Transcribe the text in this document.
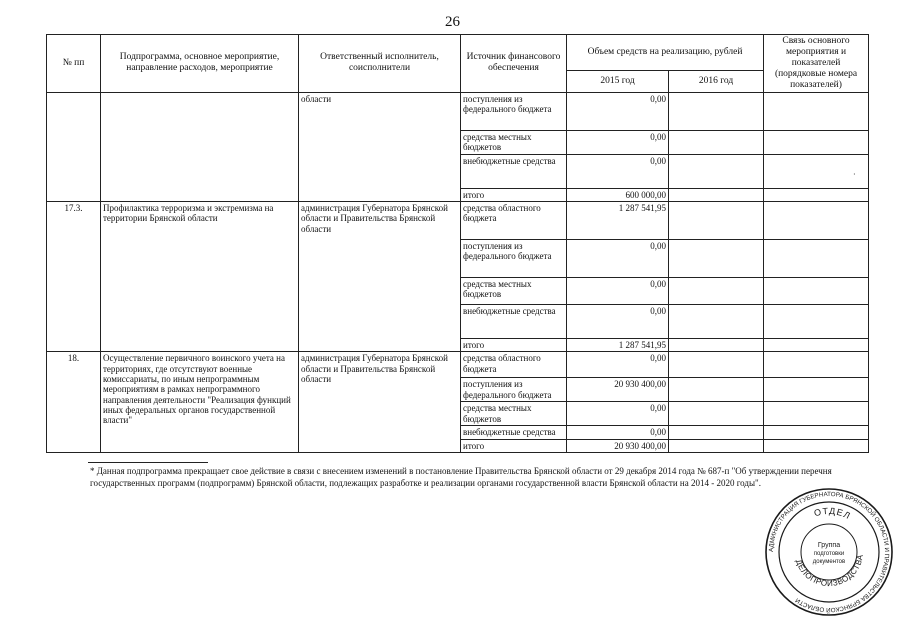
26
№ пп	Подпрограмма, основное мероприятие, направление расходов, мероприятие	Ответственный исполнитель, соисполнители	Источник финансового обеспечения	Объем средств на реализацию, рублей		Связь основного мероприятия и показателей (порядковые номера показателей)
				2015 год	2016 год	
		области	поступления из федерального бюджета	0,00		
			средства местных бюджетов	0,00		
			внебюджетные средства	0,00		
			итого	600 000,00		
17.3.	Профилактика терроризма и экстремизма на территории Брянской области	администрация Губернатора Брянской области и Правительства Брянской области	средства областного бюджета	1 287 541,95		
			поступления из федерального бюджета	0,00		
			средства местных бюджетов	0,00		
			внебюджетные средства	0,00		
			итого	1 287 541,95		
18.	Осуществление первичного воинского учета на территориях, где отсутствуют военные комиссариаты, по иным непрограммным мероприятиям в рамках непрограммного направления деятельности "Реализация функций иных федеральных органов государственной власти"	администрация Губернатора Брянской области и Правительства Брянской области	средства областного бюджета	0,00		
			поступления из федерального бюджета	20 930 400,00		
			средства местных бюджетов	0,00		
			внебюджетные средства	0,00		
			итого	20 930 400,00		
·
* Данная подпрограмма прекращает свое действие в связи с внесением изменений в постановление Правительства Брянской области от 29 декабря 2014 года № 687-п "Об утверждении перечня государственных программ (подпрограмм) Брянской области, подлежащих разработке и реализации органами государственной власти Брянской области на 2014 - 2020 годы".
АДМИНИСТРАЦИЯ ГУБЕРНАТОРА БРЯНСКОЙ ОБЛАСТИ И ПРАВИТЕЛЬСТВА БРЯНСКОЙ ОБЛАСТИ
ОТДЕЛ
ДЕЛОПРОИЗВОДСТВА
Группа
подготовки
документов
